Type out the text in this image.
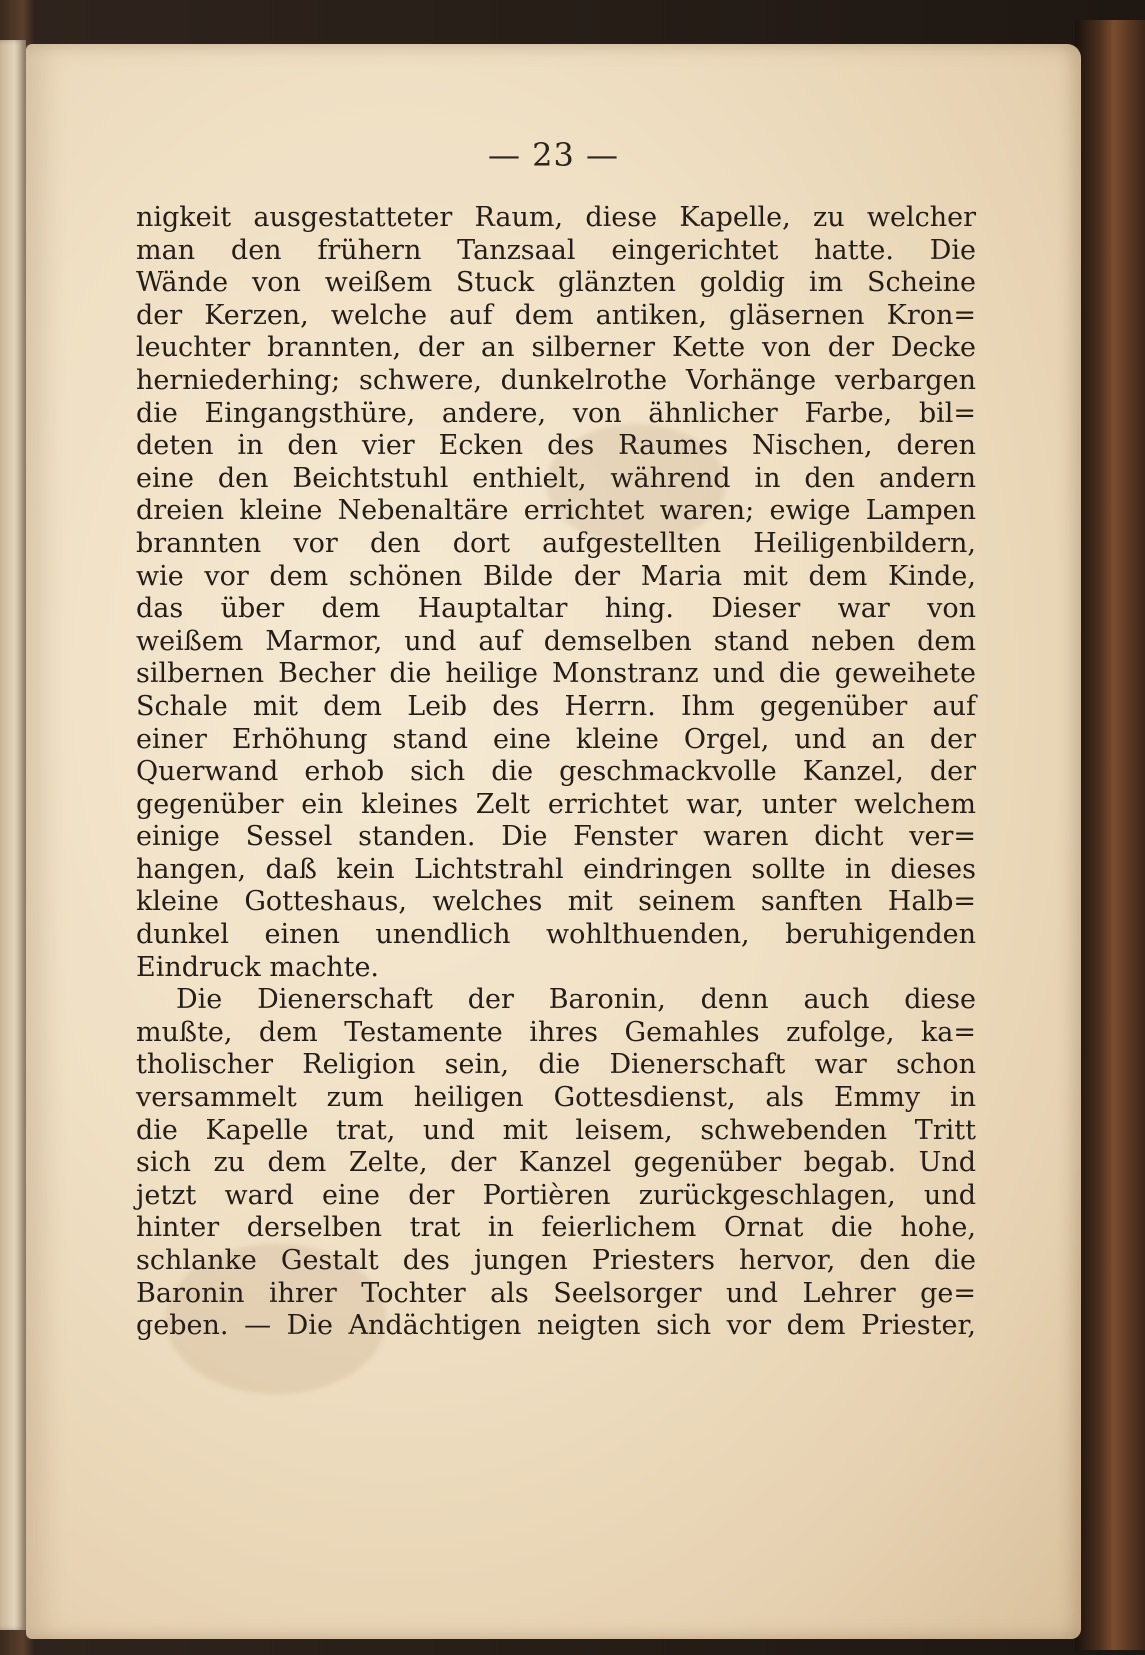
— 23 —
nigkeit ausgestatteter Raum, diese Kapelle, zu welcher
man den frühern Tanzsaal eingerichtet hatte. Die
Wände von weißem Stuck glänzten goldig im Scheine
der Kerzen, welche auf dem antiken, gläsernen Kron=
leuchter brannten, der an silberner Kette von der Decke
herniederhing; schwere, dunkelrothe Vorhänge verbargen
die Eingangsthüre, andere, von ähnlicher Farbe, bil=
deten in den vier Ecken des Raumes Nischen, deren
eine den Beichtstuhl enthielt, während in den andern
dreien kleine Nebenaltäre errichtet waren; ewige Lampen
brannten vor den dort aufgestellten Heiligenbildern,
wie vor dem schönen Bilde der Maria mit dem Kinde,
das über dem Hauptaltar hing. Dieser war von
weißem Marmor, und auf demselben stand neben dem
silbernen Becher die heilige Monstranz und die geweihete
Schale mit dem Leib des Herrn. Ihm gegenüber auf
einer Erhöhung stand eine kleine Orgel, und an der
Querwand erhob sich die geschmackvolle Kanzel, der
gegenüber ein kleines Zelt errichtet war, unter welchem
einige Sessel standen. Die Fenster waren dicht ver=
hangen, daß kein Lichtstrahl eindringen sollte in dieses
kleine Gotteshaus, welches mit seinem sanften Halb=
dunkel einen unendlich wohlthuenden, beruhigenden
Eindruck machte.
Die Dienerschaft der Baronin, denn auch diese
mußte, dem Testamente ihres Gemahles zufolge, ka=
tholischer Religion sein, die Dienerschaft war schon
versammelt zum heiligen Gottesdienst, als Emmy in
die Kapelle trat, und mit leisem, schwebenden Tritt
sich zu dem Zelte, der Kanzel gegenüber begab. Und
jetzt ward eine der Portièren zurückgeschlagen, und
hinter derselben trat in feierlichem Ornat die hohe,
schlanke Gestalt des jungen Priesters hervor, den die
Baronin ihrer Tochter als Seelsorger und Lehrer ge=
geben. — Die Andächtigen neigten sich vor dem Priester,
